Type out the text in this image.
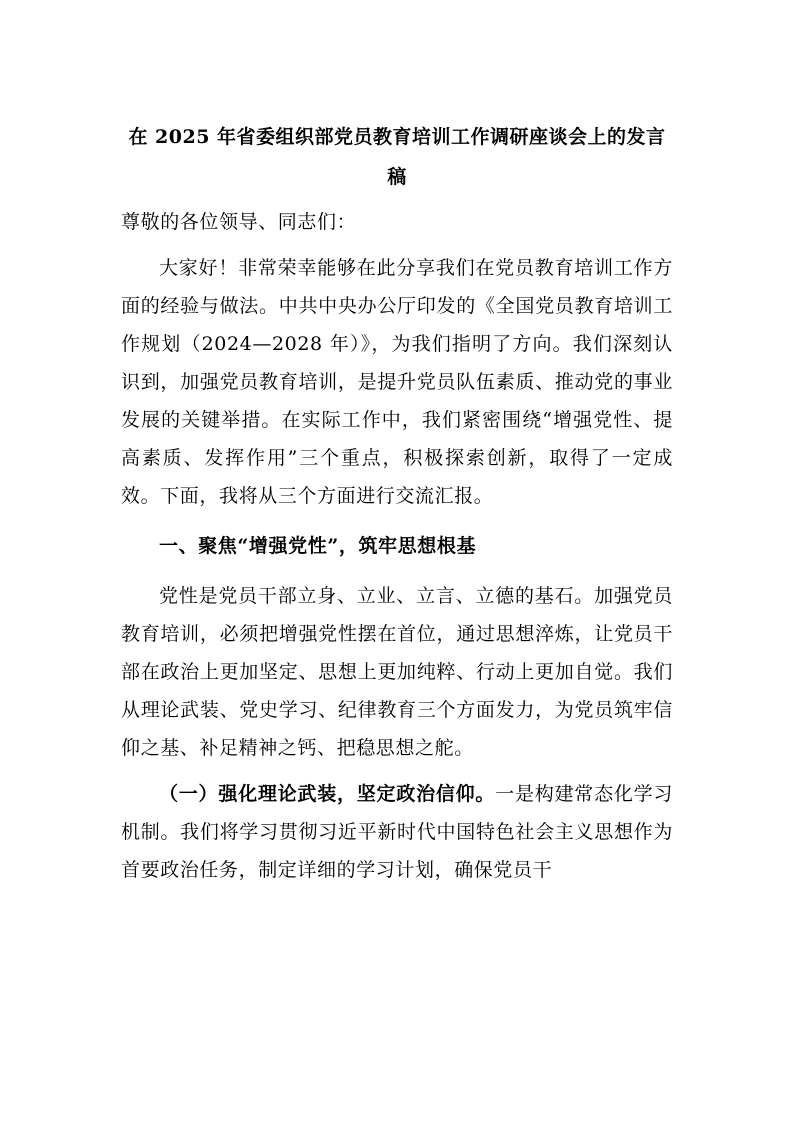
在 2025 年省委组织部党员教育培训工作调研座谈会上的发言稿

尊敬的各位领导、同志们：

大家好！非常荣幸能够在此分享我们在党员教育培训工作方面的经验与做法。中共中央办公厅印发的《全国党员教育培训工作规划（2024—2028 年）》，为我们指明了方向。我们深刻认识到，加强党员教育培训，是提升党员队伍素质、推动党的事业发展的关键举措。在实际工作中，我们紧密围绕“增强党性、提高素质、发挥作用”三个重点，积极探索创新，取得了一定成效。下面，我将从三个方面进行交流汇报。

一、聚焦“增强党性”，筑牢思想根基

党性是党员干部立身、立业、立言、立德的基石。加强党员教育培训，必须把增强党性摆在首位，通过思想淬炼，让党员干部在政治上更加坚定、思想上更加纯粹、行动上更加自觉。我们从理论武装、党史学习、纪律教育三个方面发力，为党员筑牢信仰之基、补足精神之钙、把稳思想之舵。

（一）强化理论武装，坚定政治信仰。一是构建常态化学习机制。我们将学习贯彻习近平新时代中国特色社会主义思想作为首要政治任务，制定详细的学习计划，确保党员干
